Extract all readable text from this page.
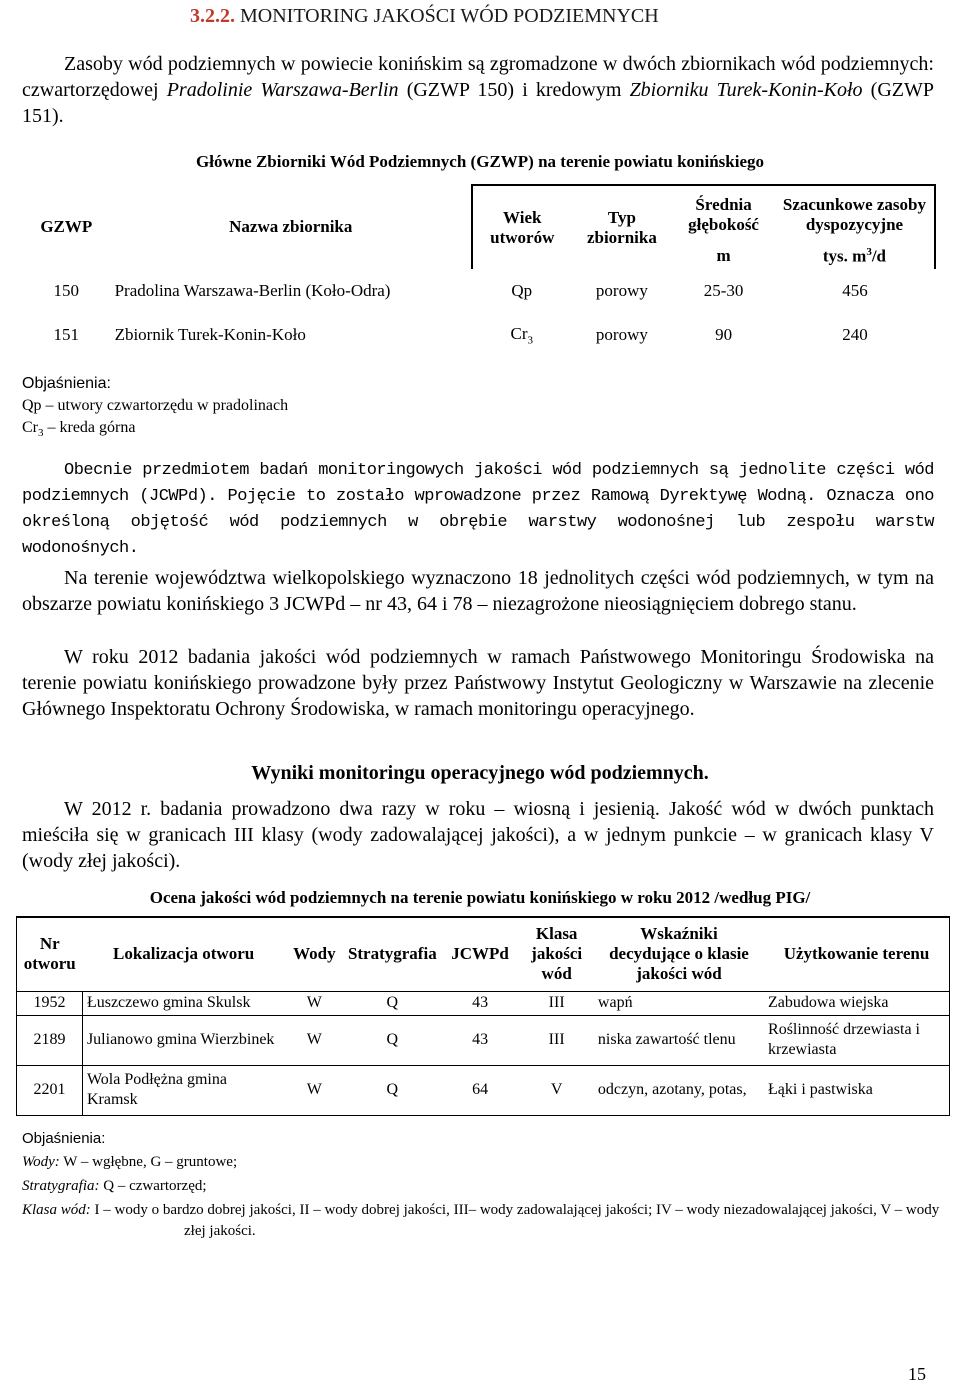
3.2.2. MONITORING JAKOŚCI WÓD PODZIEMNYCH
Zasoby wód podziemnych w powiecie konińskim są zgromadzone w dwóch zbiornikach wód podziemnych: czwartorzędowej Pradolinie Warszawa-Berlin (GZWP 150) i kredowym Zbiorniku Turek-Konin-Koło (GZWP 151).
Główne Zbiorniki Wód Podziemnych (GZWP) na terenie powiatu konińskiego
GZWP	Nazwa zbiornika	Wiek utworów	Typ zbiornika	Średnia głębokość	Szacunkowe zasoby dyspozycyjne
				m	tys. $m^3/d$
150	Pradolina Warszawa-Berlin (Koło-Odra)	Qp	porowy	25-30	456
151	Zbiornik Turek-Konin-Koło	$Cr_3$	porowy	90	240
Objaśnienia:
Qp – utwory czwartorzędu w pradolinach
$Cr_3$ – kreda górna
Obecnie przedmiotem badań monitoringowych jakości wód podziemnych są jednolite części wód podziemnych (JCWPd). Pojęcie to zostało wprowadzone przez Ramową Dyrektywę Wodną. Oznacza ono określoną objętość wód podziemnych w obrębie warstwy wodonośnej lub zespołu warstw wodonośnych.
Na terenie województwa wielkopolskiego wyznaczono 18 jednolitych części wód podziemnych, w tym na obszarze powiatu konińskiego 3 JCWPd – nr 43, 64 i 78 – niezagrożone nieosiągnięciem dobrego stanu.
W roku 2012 badania jakości wód podziemnych w ramach Państwowego Monitoringu Środowiska na terenie powiatu konińskiego prowadzone były przez Państwowy Instytut Geologiczny w Warszawie na zlecenie Głównego Inspektoratu Ochrony Środowiska, w ramach monitoringu operacyjnego.
Wyniki monitoringu operacyjnego wód podziemnych.
W 2012 r. badania prowadzono dwa razy w roku – wiosną i jesienią. Jakość wód w dwóch punktach mieściła się w granicach III klasy (wody zadowalającej jakości), a w jednym punkcie – w granicach klasy V (wody złej jakości).
Ocena jakości wód podziemnych na terenie powiatu konińskiego w roku 2012 /według PIG/
Nr otworu	Lokalizacja otworu	Wody	Stratygrafia	JCWPd	Klasa jakości wód	Wskaźniki decydujące o klasie jakości wód	Użytkowanie terenu
1952	Łuszczewo gmina Skulsk	W	Q	43	III	wapń	Zabudowa wiejska
2189	Julianowo gmina Wierzbinek	W	Q	43	III	niska zawartość tlenu	Roślinność drzewiasta i krzewiasta
2201	Wola Podłężna gmina Kramsk	W	Q	64	V	odczyn, azotany, potas,	Łąki i pastwiska
Objaśnienia:
Wody: W – wgłębne, G – gruntowe;
Stratygrafia: Q – czwartorzęd;
Klasa wód: I – wody o bardzo dobrej jakości, II – wody dobrej jakości, III– wody zadowalającej jakości; IV – wody niezadowalającej jakości, V – wody złej jakości.
15
